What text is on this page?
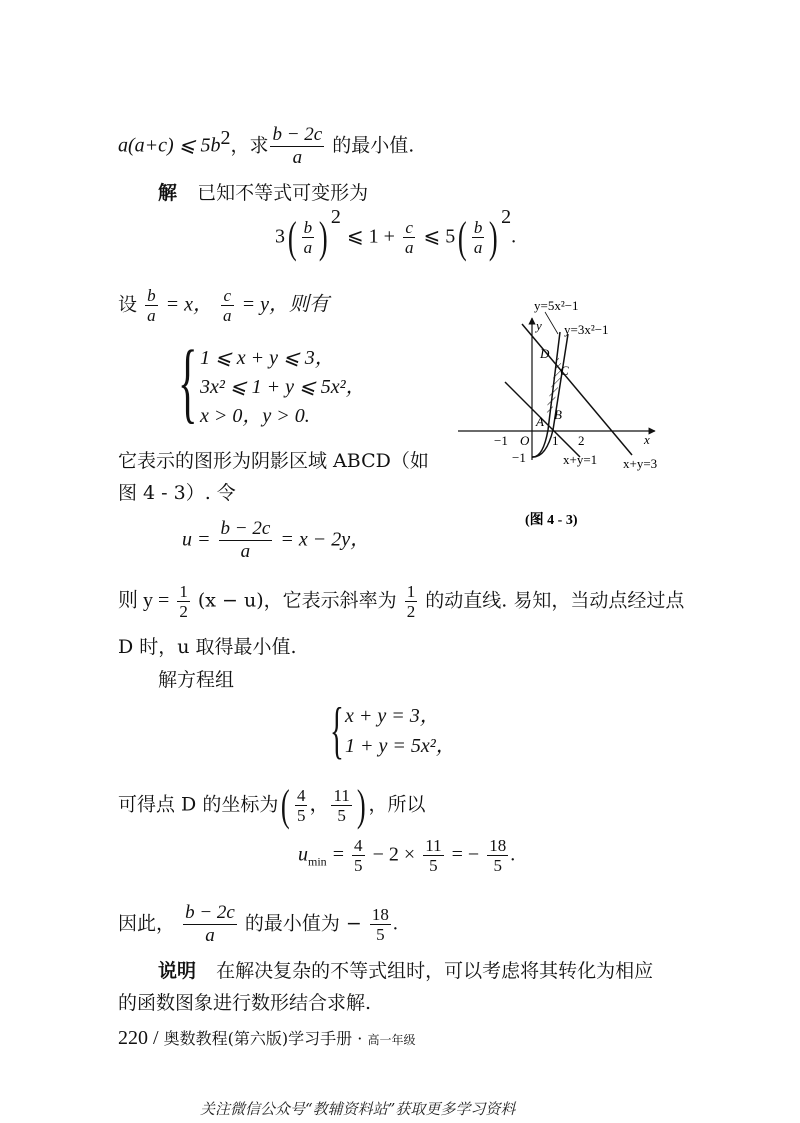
a(a+c) ⩽ $5b^2$，求 $\frac{b - 2c}{a}$ 的最小值.
解 已知不等式可变形为
$3( \frac{b}{a}$ ) $^2$ ⩽ $1 + \frac{c}{a}$ ⩽ $5( \frac{b}{a}$ ) $^2$.
设 $\frac{b}{a} = x$， $\frac{c}{a} = y$，则有
{ 1 ⩽ x + y ⩽ 3，
3x² ⩽ 1 + y ⩽ 5x²，
x > 0，y > 0.
它表示的图形为阴影区域 ABCD（如
图 4 - 3）. 令
$u = \frac{b - 2c}{a} = x - 2y$，
则 $y = \frac{1}{2} (x - u)$，它表示斜率为 $\frac{1}{2}$ 的动直线. 易知，当动点经过点
D 时，u 取得最小值.
解方程组
{ x + y = 3，
1 + y = 5x²，
可得点 D 的坐标为( $\frac{4}{5}$ ， $\frac{11}{5}$ ) ，所以
$u_{min} = \frac{4}{5} - 2 \times \frac{11}{5}$ = − $\frac{18}{5}$ .
因此， $\frac{b - 2c}{a}$ 的最小值为 − $\frac{18}{5}$ .
说明 在解决复杂的不等式组时，可以考虑将其转化为相应
的函数图象进行数形结合求解.
220 / 奥数教程(第六版)学习手册 · 高一年级
关注微信公众号“教辅资料站”获取更多学习资料
y=5x²−1
y=3x²−1
y
x
D
C
B
A
−1 O 1 2
−1	x+y=1 x+y=3
(图 4 - 3)
